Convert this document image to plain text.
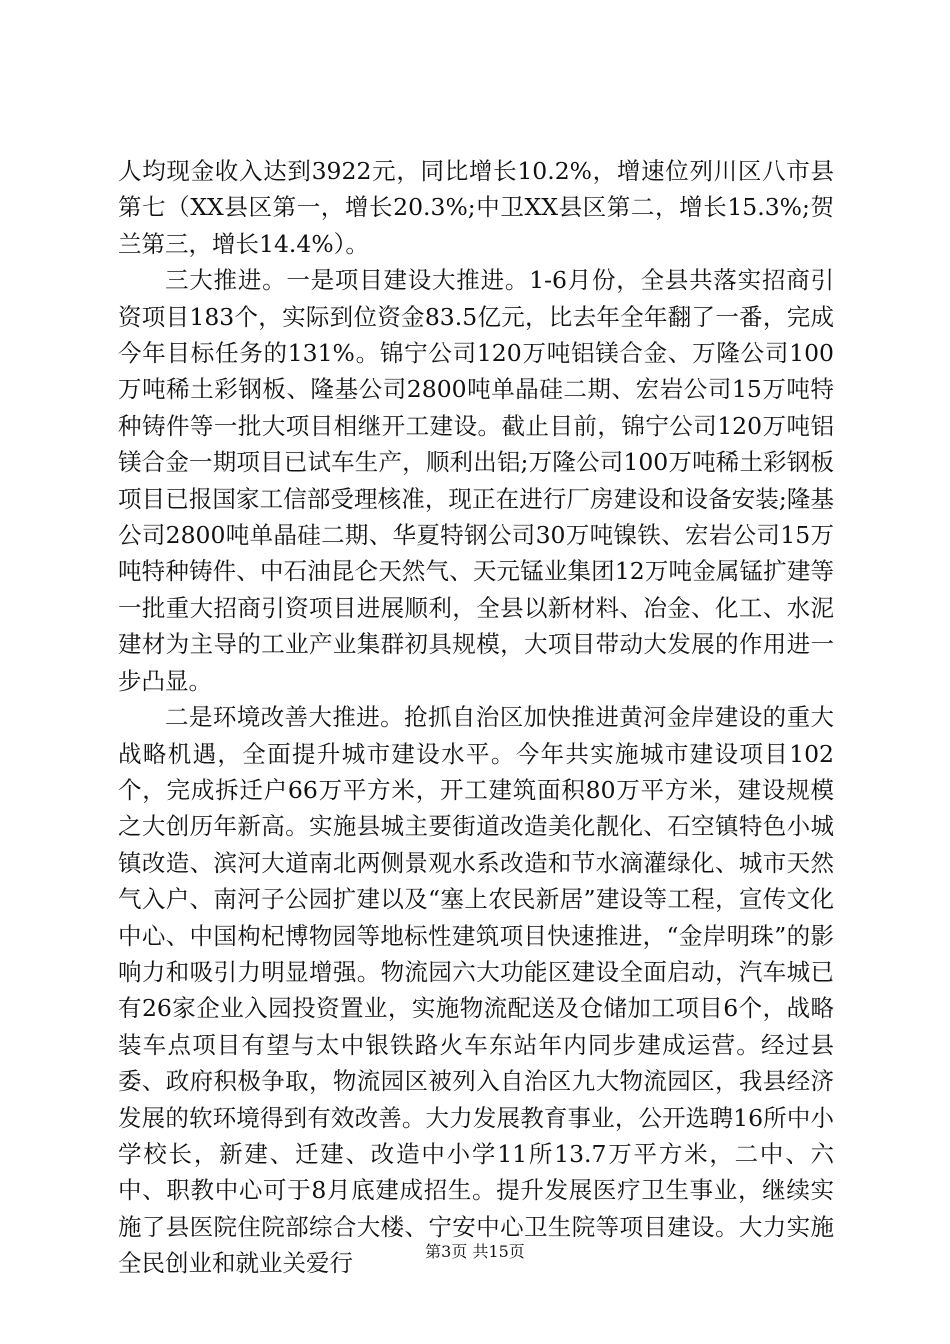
人均现金收入达到3922元，同比增长10.2%，增速位列川区八市县第七（XX县区第一，增长20.3%;中卫XX县区第二，增长15.3%;贺兰第三，增长14.4%）。

三大推进。一是项目建设大推进。1-6月份，全县共落实招商引资项目183个，实际到位资金83.5亿元，比去年全年翻了一番，完成今年目标任务的131%。锦宁公司120万吨铝镁合金、万隆公司100万吨稀土彩钢板、隆基公司2800吨单晶硅二期、宏岩公司15万吨特种铸件等一批大项目相继开工建设。截止目前，锦宁公司120万吨铝镁合金一期项目已试车生产，顺利出铝;万隆公司100万吨稀土彩钢板项目已报国家工信部受理核准，现正在进行厂房建设和设备安装;隆基公司2800吨单晶硅二期、华夏特钢公司30万吨镍铁、宏岩公司15万吨特种铸件、中石油昆仑天然气、天元锰业集团12万吨金属锰扩建等一批重大招商引资项目进展顺利，全县以新材料、冶金、化工、水泥建材为主导的工业产业集群初具规模，大项目带动大发展的作用进一步凸显。

二是环境改善大推进。抢抓自治区加快推进黄河金岸建设的重大战略机遇，全面提升城市建设水平。今年共实施城市建设项目102个，完成拆迁户66万平方米，开工建筑面积80万平方米，建设规模之大创历年新高。实施县城主要街道改造美化靓化、石空镇特色小城镇改造、滨河大道南北两侧景观水系改造和节水滴灌绿化、城市天然气入户、南河子公园扩建以及“塞上农民新居”建设等工程，宣传文化中心、中国枸杞博物园等地标性建筑项目快速推进，“金岸明珠”的影响力和吸引力明显增强。物流园六大功能区建设全面启动，汽车城已有26家企业入园投资置业，实施物流配送及仓储加工项目6个，战略装车点项目有望与太中银铁路火车东站年内同步建成运营。经过县委、政府积极争取，物流园区被列入自治区九大物流园区，我县经济发展的软环境得到有效改善。大力发展教育事业，公开选聘16所中小学校长，新建、迁建、改造中小学11所13.7万平方米，二中、六中、职教中心可于8月底建成招生。提升发展医疗卫生事业，继续实施了县医院住院部综合大楼、宁安中心卫生院等项目建设。大力实施全民创业和就业关爱行	第3页 共15页
